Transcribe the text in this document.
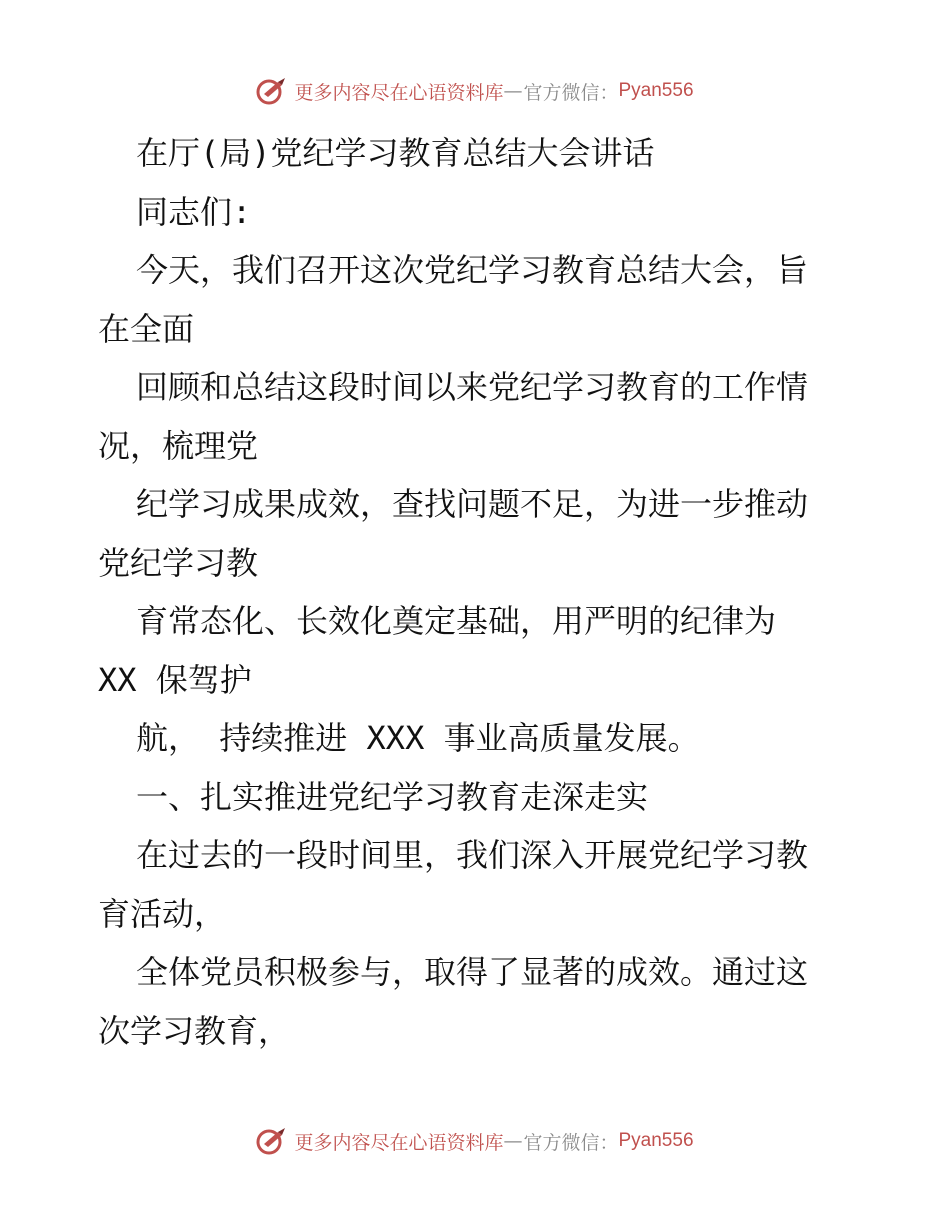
更多内容尽在心语资料库 — 官方微信： Pyan556

在厅(局)党纪学习教育总结大会讲话

同志们:

今天，我们召开这次党纪学习教育总结大会，旨

在全面

回顾和总结这段时间以来党纪学习教育的工作情

况，梳理党

纪学习成果成效，查找问题不足，为进一步推动

党纪学习教

育常态化、长效化奠定基础，用严明的纪律为

XX 保驾护

航， 持续推进 XXX 事业高质量发展。

一、扎实推进党纪学习教育走深走实

在过去的一段时间里，我们深入开展党纪学习教

育活动，

全体党员积极参与，取得了显著的成效。通过这

次学习教育，

更多内容尽在心语资料库 — 官方微信： Pyan556
